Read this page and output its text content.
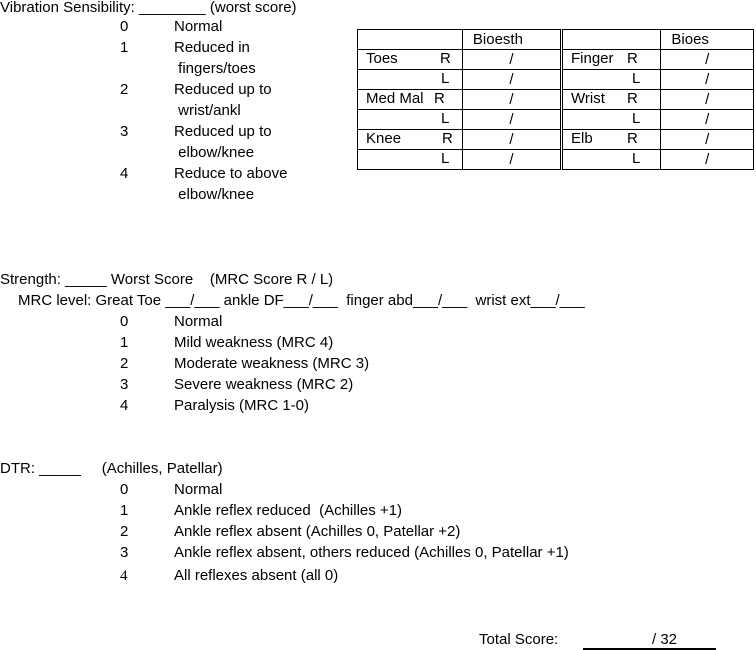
Vibration Sensibility: ________ (worst score)
0	Normal
1	Reduced in
fingers/toes
2	Reduced up to
wrist/ankl
3	Reduced up to
elbow/knee
4	Reduce to above
elbow/knee
	Bioesth		Bioes

Toes R	/	Finger R	/

L	/	L	/

Med Mal R	/	Wrist R	/

L	/	L	/

Knee R	/	Elb R	/

L	/	L	/
Strength: _____ Worst Score    (MRC Score R / L)
MRC level: Great Toe ___/___ ankle DF___/___  finger abd___/___  wrist ext___/___
0	Normal
1	Mild weakness (MRC 4)
2	Moderate weakness (MRC 3)
3	Severe weakness (MRC 2)
4	Paralysis (MRC 1-0)
DTR: _____     (Achilles, Patellar)
0	Normal
1	Ankle reflex reduced  (Achilles +1)
2	Ankle reflex absent (Achilles 0, Patellar +2)
3	Ankle reflex absent, others reduced (Achilles 0, Patellar +1)
4	All reflexes absent (all 0)
Total Score:	/ 32
